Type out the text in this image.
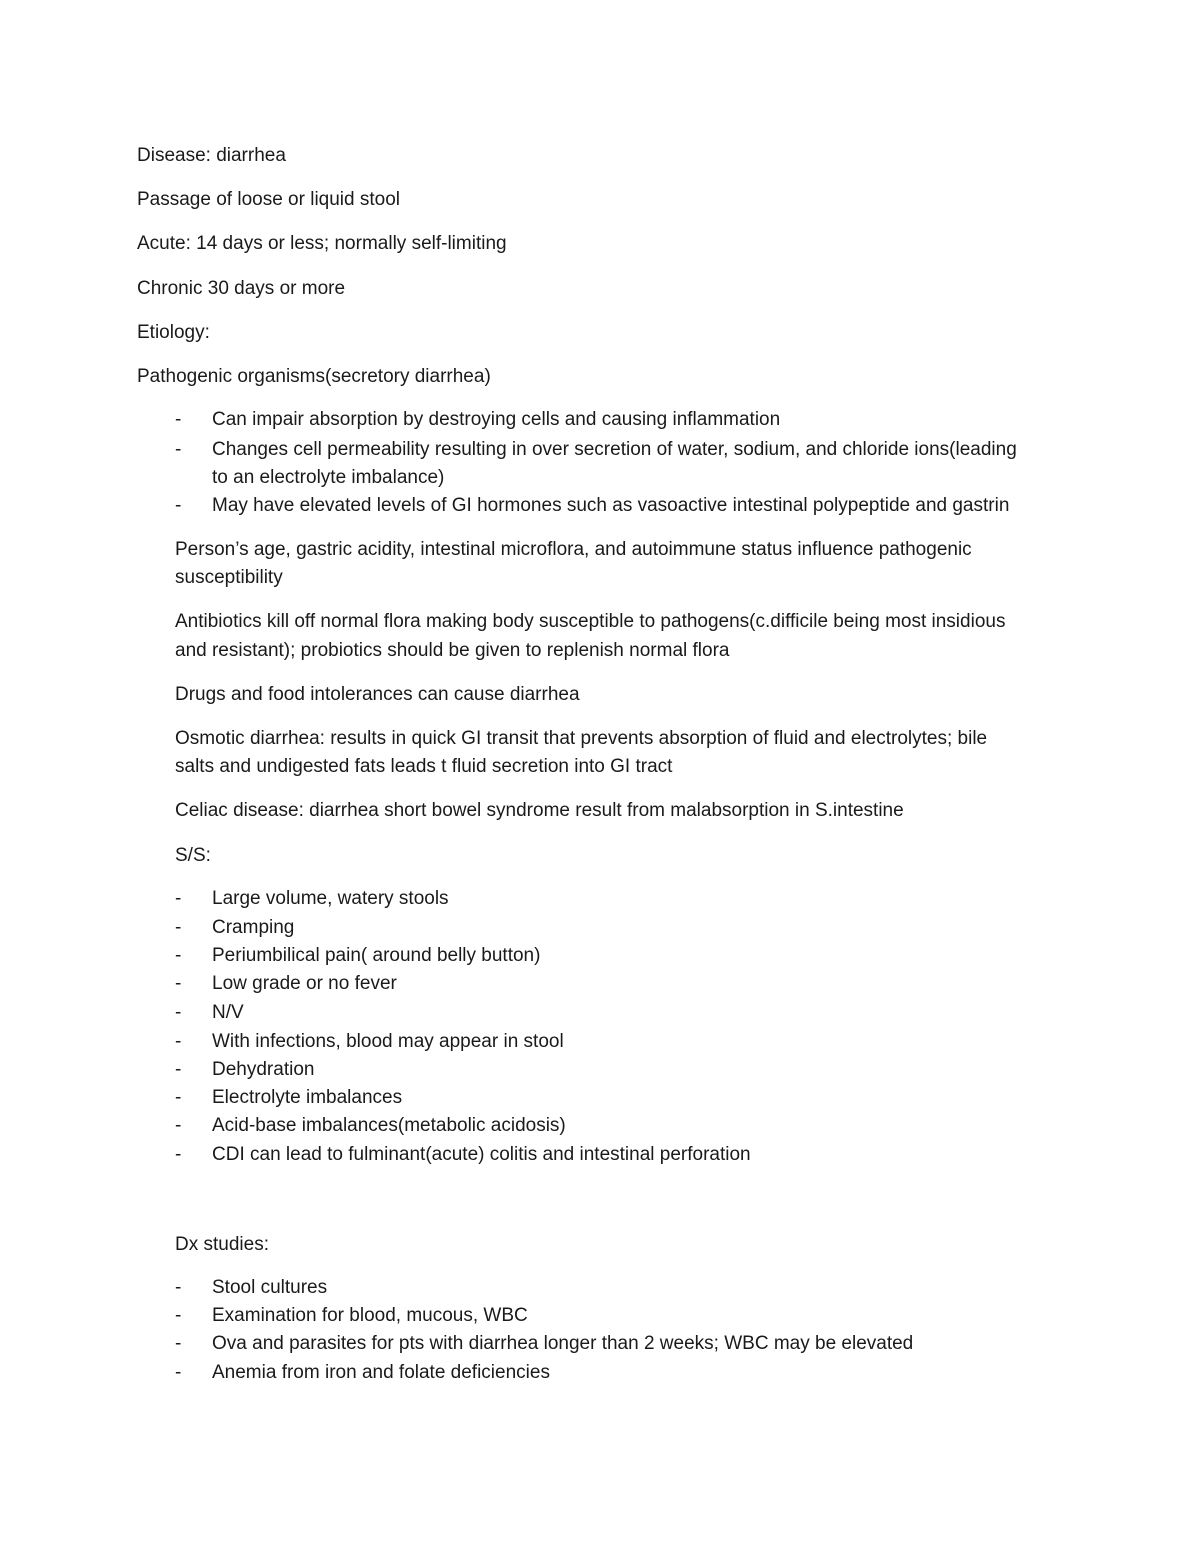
Disease: diarrhea
Passage of loose or liquid stool
Acute: 14 days or less; normally self-limiting
Chronic 30 days or more
Etiology:
Pathogenic organisms(secretory diarrhea)
- Can impair absorption by destroying cells and causing inflammation
- Changes cell permeability resulting in over secretion of water, sodium, and chloride ions(leading
to an electrolyte imbalance)
- May have elevated levels of GI hormones such as vasoactive intestinal polypeptide and gastrin
Person’s age, gastric acidity, intestinal microflora, and autoimmune status influence pathogenic
susceptibility
Antibiotics kill off normal flora making body susceptible to pathogens(c.difficile being most insidious
and resistant); probiotics should be given to replenish normal flora
Drugs and food intolerances can cause diarrhea
Osmotic diarrhea: results in quick GI transit that prevents absorption of fluid and electrolytes; bile
salts and undigested fats leads t fluid secretion into GI tract
Celiac disease: diarrhea short bowel syndrome result from malabsorption in S.intestine
S/S:
- Large volume, watery stools
- Cramping
- Periumbilical pain( around belly button)
- Low grade or no fever
- N/V
- With infections, blood may appear in stool
- Dehydration
- Electrolyte imbalances
- Acid-base imbalances(metabolic acidosis)
- CDI can lead to fulminant(acute) colitis and intestinal perforation
Dx studies:
- Stool cultures
- Examination for blood, mucous, WBC
- Ova and parasites for pts with diarrhea longer than 2 weeks; WBC may be elevated
- Anemia from iron and folate deficiencies
